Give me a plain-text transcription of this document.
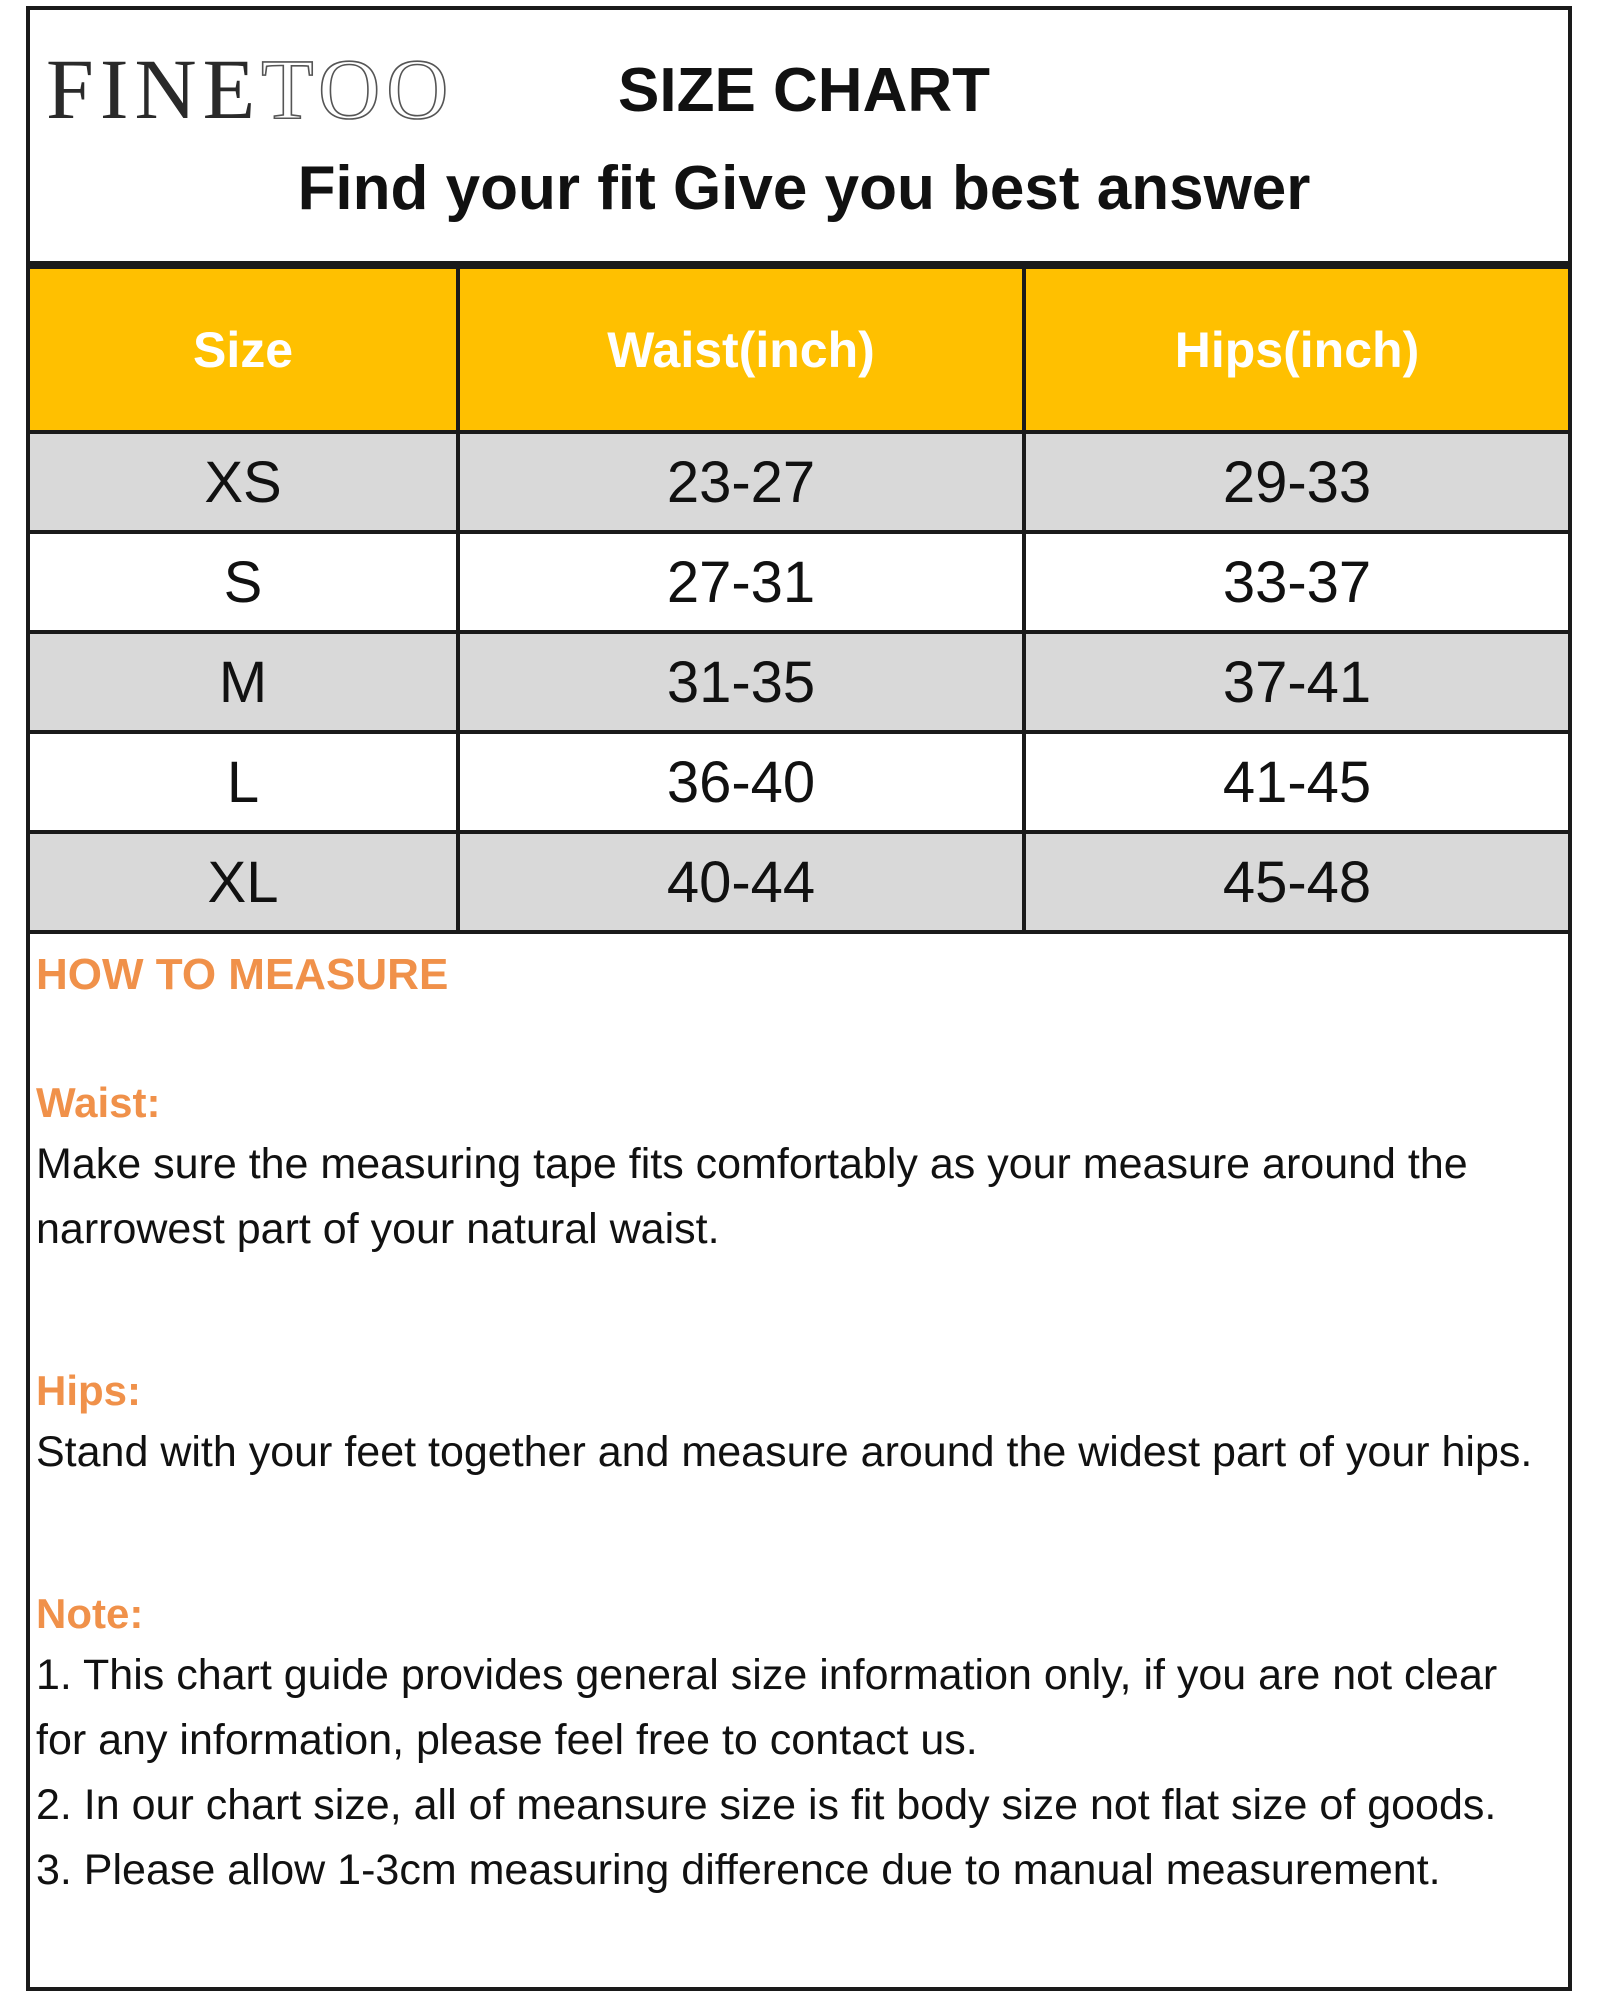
FINETOO	SIZE CHART
Find your fit Give you best answer
Size	Waist(inch)	Hips(inch)
XS	23-27	29-33
S	27-31	33-37
M	31-35	37-41
L	36-40	41-45
XL	40-44	45-48

HOW TO MEASURE

Waist:

Make sure the measuring tape fits comfortably as your measure around the narrowest part of your natural waist.

Hips:

Stand with your feet together and measure around the widest part of your hips.

Note:

1. This chart guide provides general size information only, if you are not clear for any information, please feel free to contact us.

2. In our chart size, all of meansure size is fit body size not flat size of goods.

3. Please allow 1-3cm measuring difference due to manual measurement.
